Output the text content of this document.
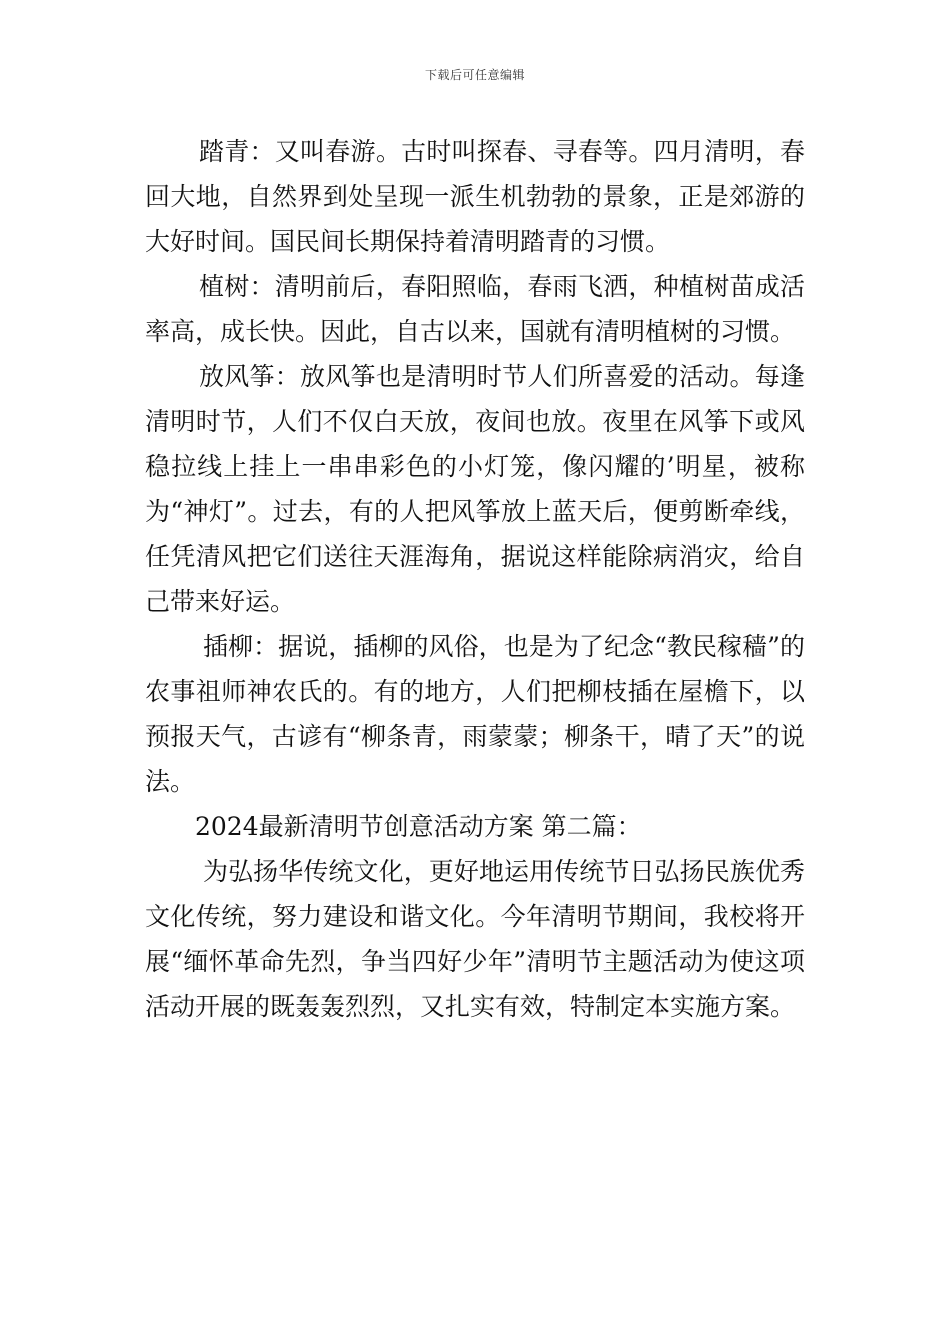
下载后可任意编辑

踏青：又叫春游。古时叫探春、寻春等。四月清明，春回大地，自然界到处呈现一派生机勃勃的景象，正是郊游的大好时间。国民间长期保持着清明踏青的习惯。

植树：清明前后，春阳照临，春雨飞洒，种植树苗成活率高，成长快。因此，自古以来，国就有清明植树的习惯。

放风筝：放风筝也是清明时节人们所喜爱的活动。每逢清明时节，人们不仅白天放，夜间也放。夜里在风筝下或风稳拉线上挂上一串串彩色的小灯笼，像闪耀的’明星，被称为“神灯”。过去，有的人把风筝放上蓝天后，便剪断牵线，任凭清风把它们送往天涯海角，据说这样能除病消灾，给自己带来好运。

插柳：据说，插柳的风俗，也是为了纪念“教民稼穑”的农事祖师神农氏的。有的地方，人们把柳枝插在屋檐下，以预报天气，古谚有“柳条青，雨蒙蒙；柳条干，晴了天”的说法。

2024最新清明节创意活动方案 第二篇：

为弘扬华传统文化，更好地运用传统节日弘扬民族优秀文化传统，努力建设和谐文化。今年清明节期间，我校将开展“缅怀革命先烈，争当四好少年”清明节主题活动为使这项活动开展的既轰轰烈烈，又扎实有效，特制定本实施方案。
